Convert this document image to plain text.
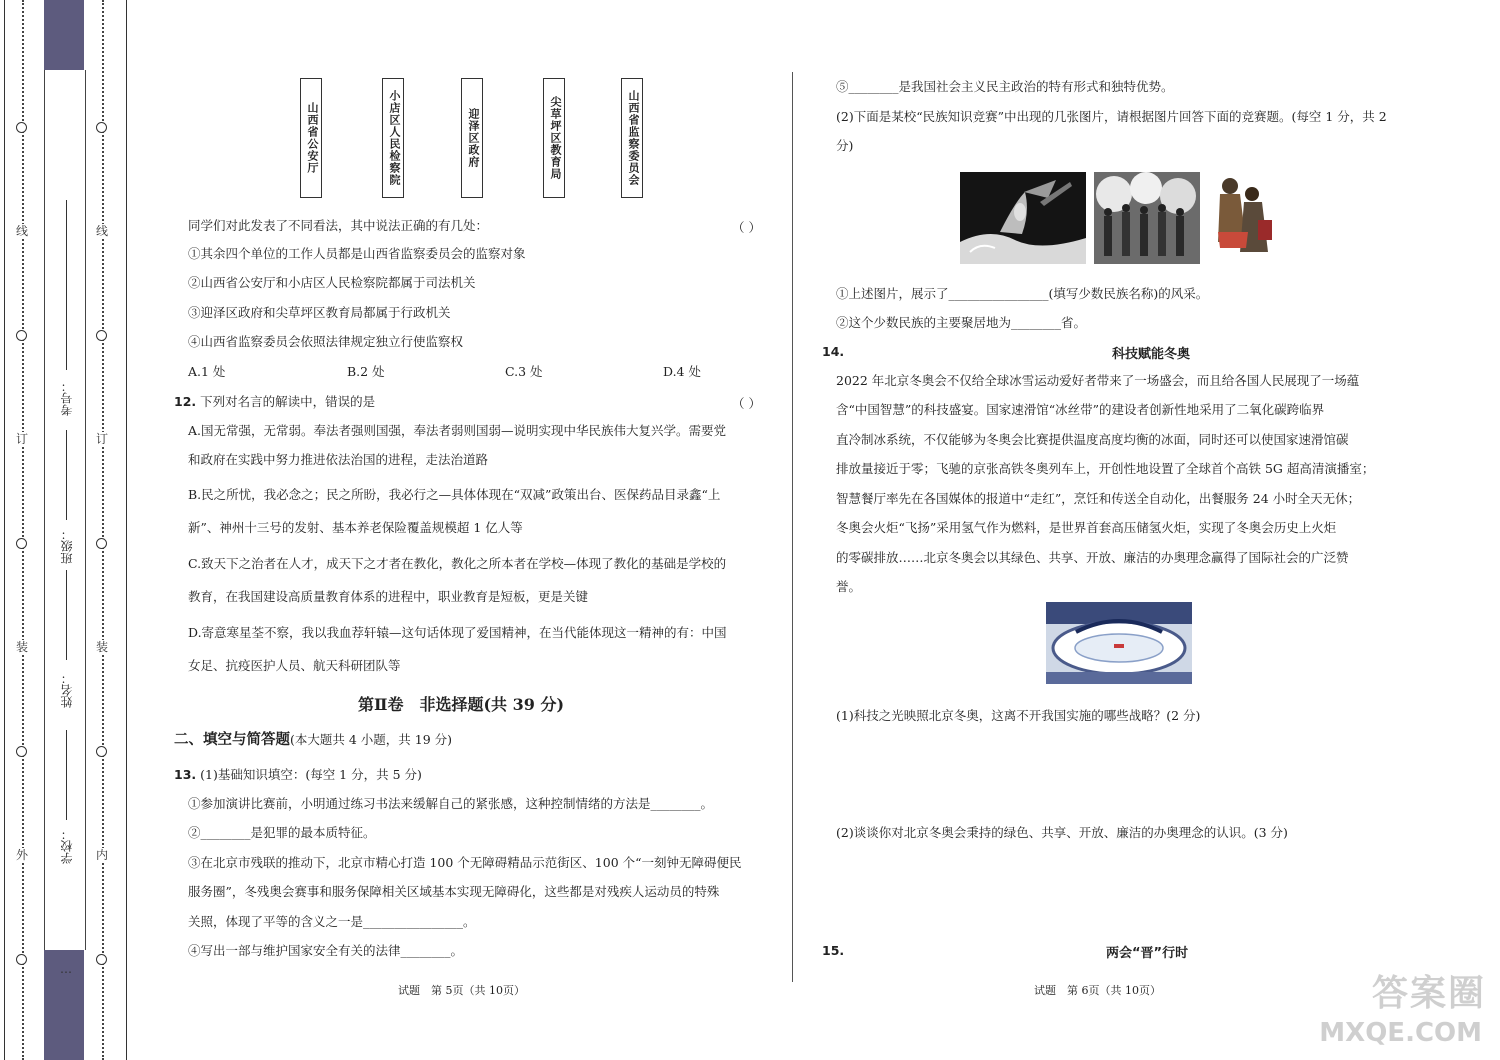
外
装
订
线
内
装
订
线
学校：
姓名：
班级：
考号：
…
山西省公安厅	小店区人民检察院	迎泽区政府	尖草坪区教育局	山西省监察委员会
同学们对此发表了不同看法，其中说法正确的有几处：	（ ）
①其余四个单位的工作人员都是山西省监察委员会的监察对象
②山西省公安厅和小店区人民检察院都属于司法机关
③迎泽区政府和尖草坪区教育局都属于行政机关
④山西省监察委员会依照法律规定独立行使监察权
A.1 处	B.2 处	C.3 处	D.4 处
12. 下列对名言的解读中，错误的是	（ ）
A.国无常强，无常弱。奉法者强则国强，奉法者弱则国弱—说明实现中华民族伟大复兴学。需要党
和政府在实践中努力推进依法治国的进程，走法治道路
B.民之所忧，我必念之；民之所盼，我必行之—具体体现在“双减”政策出台、医保药品目录鑫“上
新”、神州十三号的发射、基本养老保险覆盖规模超 1 亿人等
C.致天下之治者在人才，成天下之才者在教化，教化之所本者在学校—体现了教化的基础是学校的
教育，在我国建设高质量教育体系的进程中，职业教育是短板，更是关键
D.寄意寒星荃不察，我以我血荐轩辕—这句话体现了爱国精神，在当代能体现这一精神的有：中国
女足、抗疫医护人员、航天科研团队等
第Ⅱ卷　非选择题(共 39 分)
二、填空与简答题(本大题共 4 小题，共 19 分)
13. (1)基础知识填空：(每空 1 分，共 5 分)
①参加演讲比赛前，小明通过练习书法来缓解自己的紧张感，这种控制情绪的方法是________。
②________是犯罪的最本质特征。
③在北京市残联的推动下，北京市精心打造 100 个无障碍精品示范街区、100 个“一刻钟无障碍便民
服务圈”，冬残奥会赛事和服务保障相关区域基本实现无障碍化，这些都是对残疾人运动员的特殊
关照，体现了平等的含义之一是________________。
④写出一部与维护国家安全有关的法律________。
试题　第 5页（共 10页）
⑤________是我国社会主义民主政治的特有形式和独特优势。
(2)下面是某校“民族知识竞赛”中出现的几张图片，请根据图片回答下面的竞赛题。(每空 1 分，共 2
分)
①上述图片，展示了________________(填写少数民族名称)的风采。
②这个少数民族的主要聚居地为________省。
14.	科技赋能冬奥
2022 年北京冬奥会不仅给全球冰雪运动爱好者带来了一场盛会，而且给各国人民展现了一场蕴
含“中国智慧”的科技盛宴。国家速滑馆“冰丝带”的建设者创新性地采用了二氧化碳跨临界
直冷制冰系统，不仅能够为冬奥会比赛提供温度高度均衡的冰面，同时还可以使国家速滑馆碳
排放量接近于零；飞驰的京张高铁冬奥列车上，开创性地设置了全球首个高铁 5G 超高清演播室；
智慧餐厅率先在各国媒体的报道中“走红”，烹饪和传送全自动化，出餐服务 24 小时全天无休；
冬奥会火炬“飞扬”采用氢气作为燃料，是世界首套高压储氢火炬，实现了冬奥会历史上火炬
的零碳排放……北京冬奥会以其绿色、共享、开放、廉洁的办奥理念赢得了国际社会的广泛赞
誉。
(1)科技之光映照北京冬奥，这离不开我国实施的哪些战略？(2 分)
(2)谈谈你对北京冬奥会秉持的绿色、共享、开放、廉洁的办奥理念的认识。(3 分)
15.	两会“晋”行时
试题　第 6页（共 10页）	答案圈
MXQE.COM
